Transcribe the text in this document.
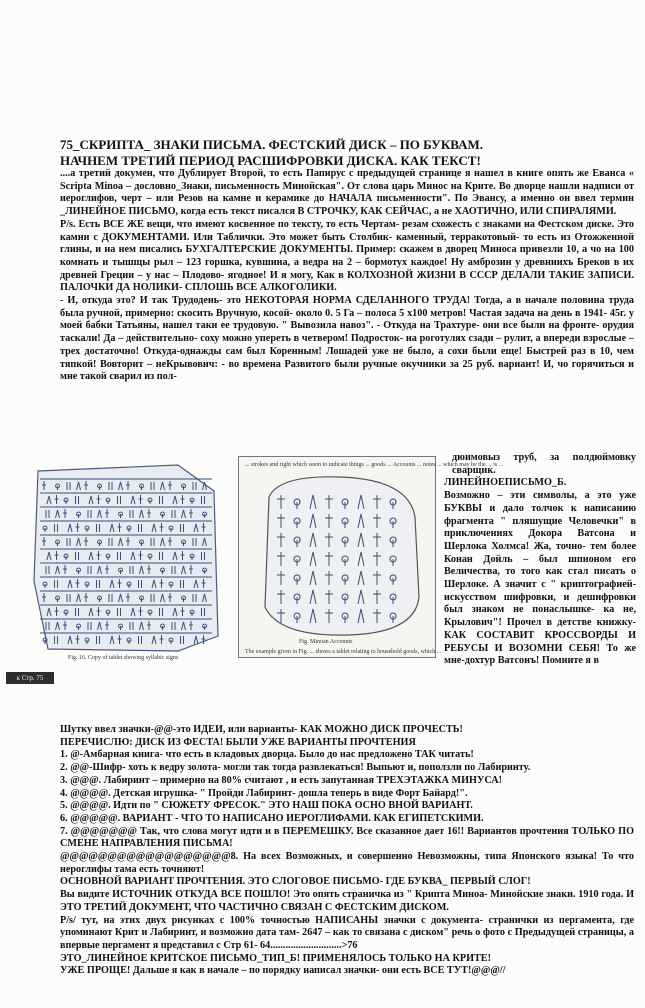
75_СКРИПТА_ ЗНАКИ ПИСЬМА. ФЕСТСКИЙ ДИСК – ПО БУКВАМ.
НАЧНЕМ ТРЕТИЙ ПЕРИОД РАСШИФРОВКИ ДИСКА. КАК ТЕКСТ!

....а третий докумен, что Дублирует Второй, то есть Папирус с предыдущей странице я нашел в книге опять же Еванса « Scripta Minoa – дословно_Знаки, письменность Минойская". От слова царь Минос на Крите. Во дворце нашли надписи от иероглифов, черт – или Резов на камне и керамике до НАЧАЛА письменности". По Эвансу, а именно он ввел термин _ЛИНЕЙНОЕ ПИСЬМО, когда есть текст писался В СТРОЧКУ, КАК СЕЙЧАС, а не ХАОТИЧНО, ИЛИ СПИРАЛЯМИ.

P/s. Есть ВСЕ ЖЕ вещи, что имеют косвенное по тексту, то есть Чертам- резам схожесть с знаками на Фестском диске. Это камни с ДОКУМЕНТАМИ. Или Таблички. Это может быть Столбик- каменный, терракотовый- то есть из Отожженной глины, и на нем писались БУХГАЛТЕРСКИЕ ДОКУМЕНТЫ. Пример: скажем в дворец Миноса привезли 10, а чо на 100 комнать и тышщы рыл – 123 горшка, кувшина, а ведра на 2 – бормотух каждое! Ну амброзин у древниихъ Бреков в их древней Греции – у нас – Плодово- ягодное! И я могу, Как в КОЛХОЗНОЙ ЖИЗНИ В СССР ДЕЛАЛИ ТАКИЕ ЗАПИСИ. ПАЛОЧКИ ДА НОЛИКИ- СПЛОШЬ ВСЕ АЛКОГОЛИКИ.

- И, откуда это? И так Трудодень- это НЕКОТОРАЯ НОРМА СДЕЛАННОГО ТРУДА! Тогда, а в начале половина труда была ручной, примерно: скосить Вручную, косой- около 0. 5 Га – полоса 5 х100 метров! Частая задача на день в 1941- 45г. у моей бабки Татьяны, нашел таки ее трудовую. " Вывозила навоз". - Откуда на Трахтуре- они все были на фронте- орудия таскали! Да – действительно- соху можно упереть в четвером! Подросток- на роготулях сзади – рулит, а впереди взрослые – трех достаточно! Откуда-однажды сам был Коренным! Лошадей уже не было, а сохи были еще! Быстрей раз в 10, чем тяпкой! Вовторит – неКрывович: - во времена Развитого были ручные окучники за 25 руб. вариант! И, чо горячиться и мне такой сварил из пол-

Fig. 16. Copy of tablet showing syllabic signs
... strokes and right which seem to indicate things ... goods ... Accounts ... notes ... which may be the ... is ...
Fig. Minoan Accounts
The example given in Fig. ... shows a tablet relating to household goods, which ...
к Стр. 75

дюимовыз труб, за полдюймовку сварщик.

ЛИНЕЙНОЕПИСЬМО_Б.

Возможно – эти символы, а это уже БУКВЫ и дало толчок к написанию фрагмента " пляшущие Человечки" в приключениях Докора Ватсона и Шерлока Холмса! Жа, точно- тем более Конан Дойль – был шпионом его Величества, то того как стал писать о Шерлоке. А значит с " криптографией- искусством шифровки, и дешифровки был знаком не понаслышке- ка не, Крылович"! Прочел в детстве книжку- КАК СОСТАВИТ КРОССВОРДЫ И РЕБУСЫ И ВОЗОМНИ СЕБЯ! То же мне-дохтур Ватсонъ! Помните я в

Шутку ввел значки-@@-это ИДЕИ, или варианты- КАК МОЖНО ДИСК ПРОЧЕСТЬ!

ПЕРЕЧИСЛЮ: ДИСК ИЗ ФЕСТА! БЫЛИ УЖЕ ВАРИАНТЫ ПРОЧТЕНИЯ

1. @-Амбарная книга- что есть в кладовых дворца. Было до нас предложено ТАК читать!

2. @@-Шифр- хоть к ведру золота- могли так тогда развлекаться! Выпьют и, поползли по Лабиринту.

3. @@@. Лабиринт – примерно на 80% считают , и есть запутанная ТРЕХЭТАЖКА МИНУСА!

4. @@@@. Детская игрушка- " Пройди Лабиринт- дошла теперь в виде Форт Байард!".

5. @@@@. Идти по " СЮЖЕТУ ФРЕСОК." ЭТО НАШ ПОКА ОСНО ВНОЙ ВАРИАНТ.

6. @@@@@. ВАРИАНТ - ЧТО ТО НАПИСАНО ИЕРОГЛИФАМИ. КАК ЕГИПЕТСКИМИ.

7. @@@@@@@ Так, что слова могут идти и в ПЕРЕМЕШКУ. Все сказанное дает 16!! Вариантов прочтения ТОЛЬКО ПО СМЕНЕ НАПРАВЛЕНИЯ ПИСЬМА!

@@@@@@@@@@@@@@@@@@8. На всех Возможных, и совершенно Невозможны, типа Японского языка! То что нероглифы тама есть точняют!

ОСНОВНОЙ ВАРИАНТ ПРОЧТЕНИЯ. ЭТО СЛОГОВОЕ ПИСЬМО- ГДЕ БУКВА_ ПЕРВЫЙ СЛОГ!

Вы видите ИСТОЧНИК ОТКУДА ВСЕ ПОШЛО! Это опять страничка из " Крипта Миноа- Минойские знаки. 1910 года. И ЭТО ТРЕТИЙ ДОКУМЕНТ, ЧТО ЧАСТИЧНО СВЯЗАН С ФЕСТСКИМ ДИСКОМ.

P/s/ тут, на этих двух рисунках с 100% точностью НАПИСАНЫ значки с документа- странички из пергамента, где упоминают Крит и Лабиринт, и возможно дата там- 2647 – как то связана с диском" речь о фото с Предыдущей страницы, а впервые пергамент я представил с Стр 61- 64............................>76

ЭТО_ЛИНЕЙНОЕ КРИТСКОЕ ПИСЬМО_ТИП_Б! ПРИМЕНЯЛОСЬ ТОЛЬКО НА КРИТЕ!

УЖЕ ПРОЩЕ! Дальше я как в начале – по порядку написал значки- они есть ВСЕ ТУТ!@@@//
